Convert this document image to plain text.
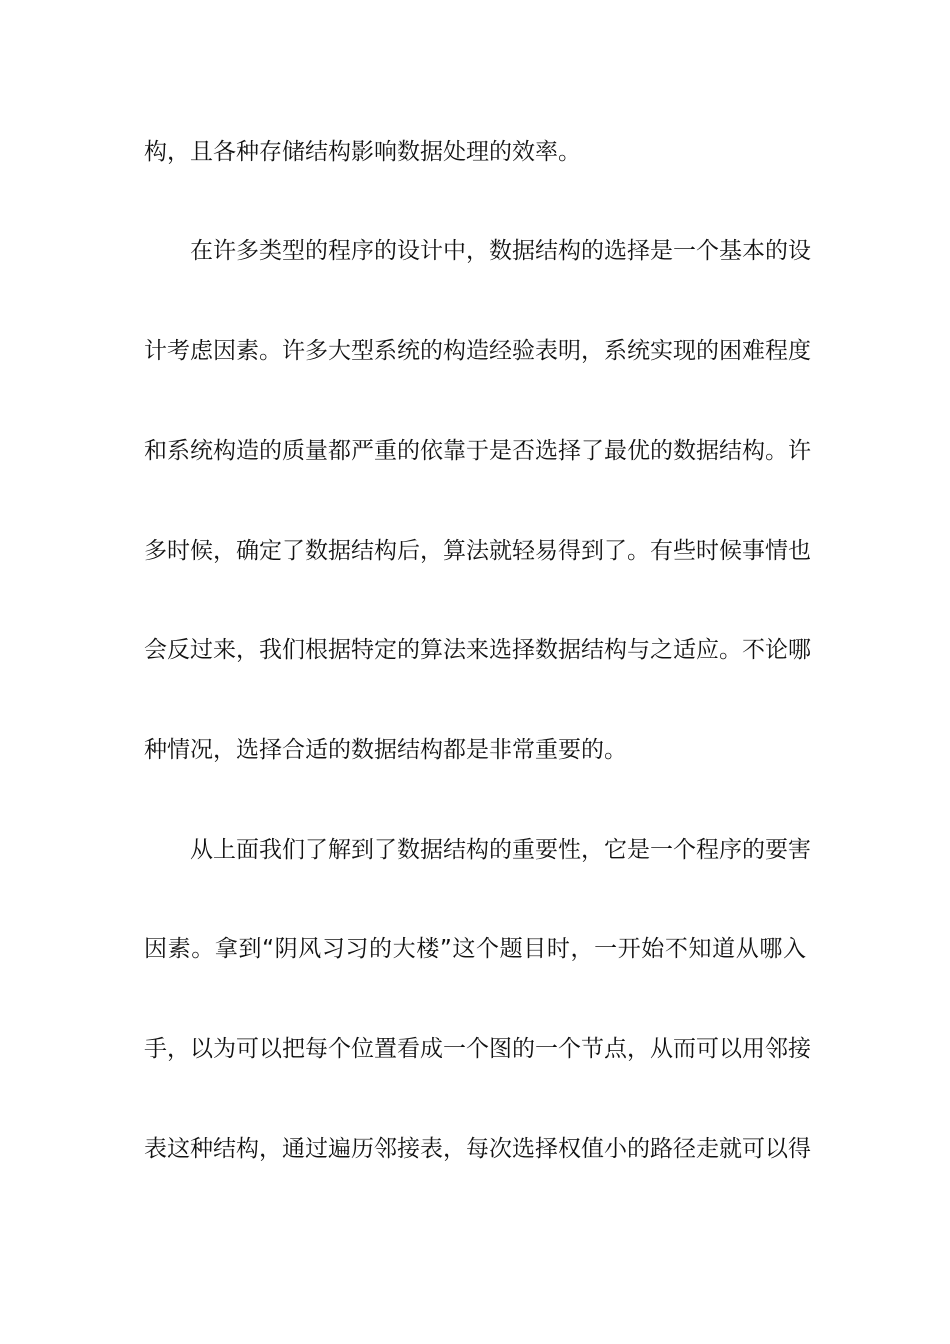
构，且各种存储结构影响数据处理的效率。
在许多类型的程序的设计中，数据结构的选择是一个基本的设
计考虑因素。许多大型系统的构造经验表明，系统实现的困难程度
和系统构造的质量都严重的依靠于是否选择了最优的数据结构。许
多时候，确定了数据结构后，算法就轻易得到了。有些时候事情也
会反过来，我们根据特定的算法来选择数据结构与之适应。不论哪
种情况，选择合适的数据结构都是非常重要的。
从上面我们了解到了数据结构的重要性，它是一个程序的要害
因素。拿到“阴风习习的大楼”这个题目时，一开始不知道从哪入
手，以为可以把每个位置看成一个图的一个节点，从而可以用邻接
表这种结构，通过遍历邻接表，每次选择权值小的路径走就可以得
